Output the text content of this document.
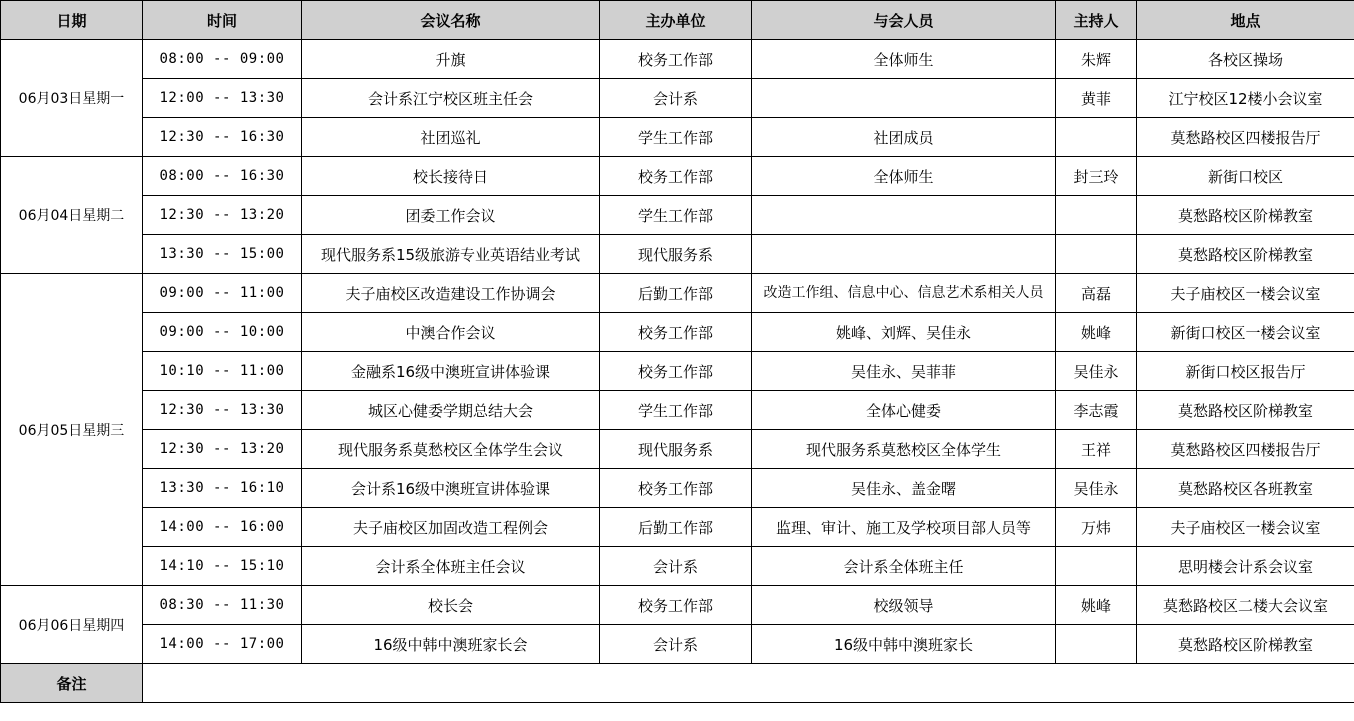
日期	时间	会议名称	主办单位	与会人员	主持人	地点
06月03日星期一	08:00 -- 09:00	升旗	校务工作部	全体师生	朱辉	各校区操场
	12:00 -- 13:30	会计系江宁校区班主任会	会计系		黄菲	江宁校区12楼小会议室
	12:30 -- 16:30	社团巡礼	学生工作部	社团成员		莫愁路校区四楼报告厅
06月04日星期二	08:00 -- 16:30	校长接待日	校务工作部	全体师生	封三玲	新街口校区
	12:30 -- 13:20	团委工作会议	学生工作部			莫愁路校区阶梯教室
	13:30 -- 15:00	现代服务系15级旅游专业英语结业考试	现代服务系			莫愁路校区阶梯教室
06月05日星期三	09:00 -- 11:00	夫子庙校区改造建设工作协调会	后勤工作部	改造工作组、信息中心、信息艺术系相关人员	高磊	夫子庙校区一楼会议室
	09:00 -- 10:00	中澳合作会议	校务工作部	姚峰、刘辉、吴佳永	姚峰	新街口校区一楼会议室
	10:10 -- 11:00	金融系16级中澳班宣讲体验课	校务工作部	吴佳永、吴菲菲	吴佳永	新街口校区报告厅
	12:30 -- 13:30	城区心健委学期总结大会	学生工作部	全体心健委	李志霞	莫愁路校区阶梯教室
	12:30 -- 13:20	现代服务系莫愁校区全体学生会议	现代服务系	现代服务系莫愁校区全体学生	王祥	莫愁路校区四楼报告厅
	13:30 -- 16:10	会计系16级中澳班宣讲体验课	校务工作部	吴佳永、盖金曙	吴佳永	莫愁路校区各班教室
	14:00 -- 16:00	夫子庙校区加固改造工程例会	后勤工作部	监理、审计、施工及学校项目部人员等	万炜	夫子庙校区一楼会议室
	14:10 -- 15:10	会计系全体班主任会议	会计系	会计系全体班主任		思明楼会计系会议室
06月06日星期四	08:30 -- 11:30	校长会	校务工作部	校级领导	姚峰	莫愁路校区二楼大会议室
	14:00 -- 17:00	16级中韩中澳班家长会	会计系	16级中韩中澳班家长		莫愁路校区阶梯教室
备注						
